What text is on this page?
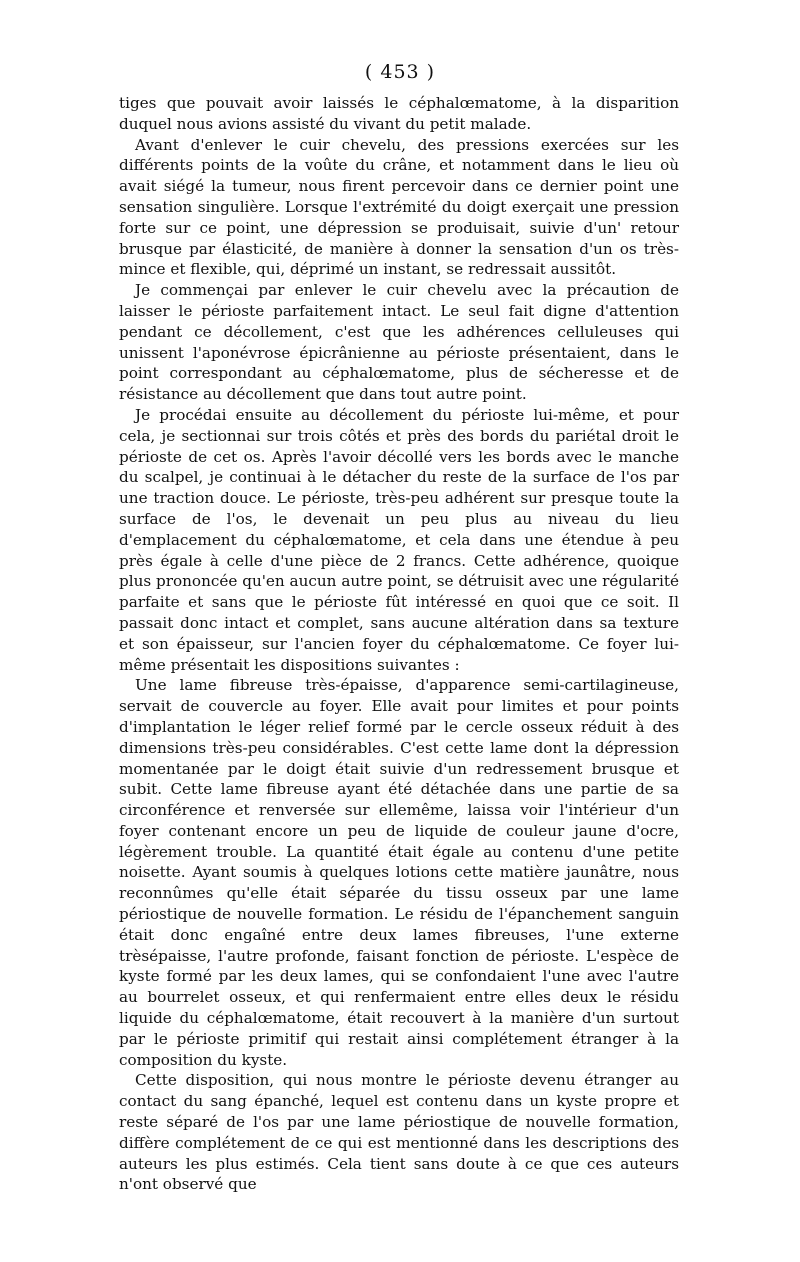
( 453 )

tiges que pouvait avoir laissés le céphalœmatome, à la disparition duquel nous avions assisté du vivant du petit malade.

Avant d'enlever le cuir chevelu, des pressions exercées sur les différents points de la voûte du crâne, et notamment dans le lieu où avait siégé la tumeur, nous firent percevoir dans ce dernier point une sensation singulière. Lorsque l'extrémité du doigt exerçait une pression forte sur ce point, une dépression se produisait, suivie d'un' retour brusque par élasticité, de manière à donner la sensation d'un os très-mince et flexible, qui, déprimé un instant, se redressait aussitôt.

Je commençai par enlever le cuir chevelu avec la précaution de laisser le périoste parfaitement intact. Le seul fait digne d'attention pendant ce décollement, c'est que les adhérences celluleuses qui unissent l'aponévrose épicrânienne au périoste présentaient, dans le point correspondant au céphalœmatome, plus de sécheresse et de résistance au décollement que dans tout autre point.

Je procédai ensuite au décollement du périoste lui-même, et pour cela, je sectionnai sur trois côtés et près des bords du pariétal droit le périoste de cet os. Après l'avoir décollé vers les bords avec le manche du scalpel, je continuai à le détacher du reste de la surface de l'os par une traction douce. Le périoste, très-peu adhérent sur presque toute la surface de l'os, le devenait un peu plus au niveau du lieu d'emplacement du céphalœmatome, et cela dans une étendue à peu près égale à celle d'une pièce de 2 francs. Cette adhérence, quoique plus prononcée qu'en aucun autre point, se détruisit avec une régularité parfaite et sans que le périoste fût intéressé en quoi que ce soit. Il passait donc intact et complet, sans aucune altération dans sa texture et son épaisseur, sur l'ancien foyer du céphalœmatome. Ce foyer lui-même présentait les dispositions suivantes :

Une lame fibreuse très-épaisse, d'apparence semi-cartilagineuse, servait de couvercle au foyer. Elle avait pour limites et pour points d'implantation le léger relief formé par le cercle osseux réduit à des dimensions très-peu considérables. C'est cette lame dont la dépression momentanée par le doigt était suivie d'un redressement brusque et subit. Cette lame fibreuse ayant été détachée dans une partie de sa circonférence et renversée sur ellemême, laissa voir l'intérieur d'un foyer contenant encore un peu de liquide de couleur jaune d'ocre, légèrement trouble. La quantité était égale au contenu d'une petite noisette. Ayant soumis à quelques lotions cette matière jaunâtre, nous reconnûmes qu'elle était séparée du tissu osseux par une lame périostique de nouvelle formation. Le résidu de l'épanchement sanguin était donc engaîné entre deux lames fibreuses, l'une externe trèsépaisse, l'autre profonde, faisant fonction de périoste. L'espèce de kyste formé par les deux lames, qui se confondaient l'une avec l'autre au bourrelet osseux, et qui renfermaient entre elles deux le résidu liquide du céphalœmatome, était recouvert à la manière d'un surtout par le périoste primitif qui restait ainsi complétement étranger à la composition du kyste.

Cette disposition, qui nous montre le périoste devenu étranger au contact du sang épanché, lequel est contenu dans un kyste propre et reste séparé de l'os par une lame périostique de nouvelle formation, diffère complétement de ce qui est mentionné dans les descriptions des auteurs les plus estimés. Cela tient sans doute à ce que ces auteurs n'ont observé que
